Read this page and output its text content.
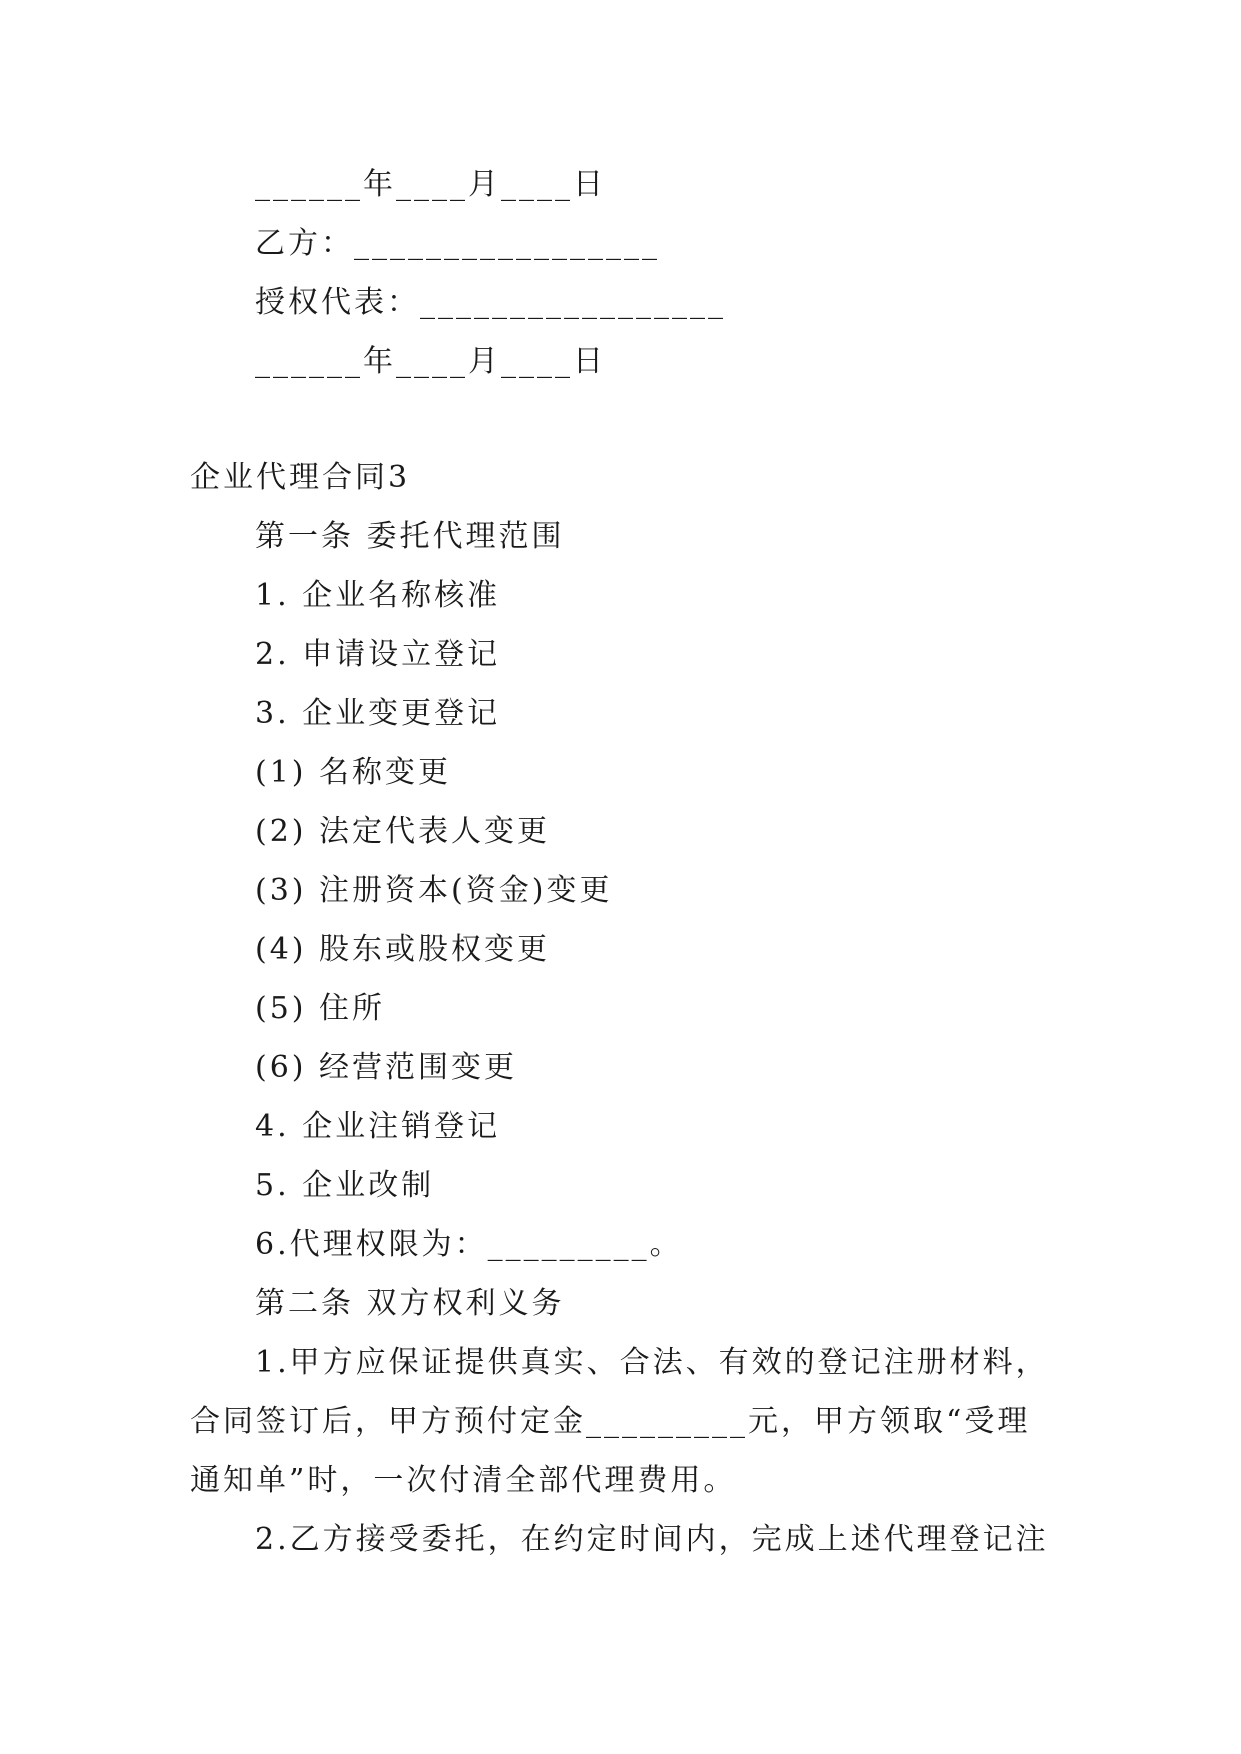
______年____月____日
乙方：_________________
授权代表：_________________
______年____月____日
企业代理合同3
第一条 委托代理范围
1. 企业名称核准
2. 申请设立登记
3. 企业变更登记
(1) 名称变更
(2) 法定代表人变更
(3) 注册资本(资金)变更
(4) 股东或股权变更
(5) 住所
(6) 经营范围变更
4. 企业注销登记
5. 企业改制
6.代理权限为：_________。
第二条 双方权利义务
1.甲方应保证提供真实、合法、有效的登记注册材料，
合同签订后，甲方预付定金_________元，甲方领取“受理
通知单”时，一次付清全部代理费用。
2.乙方接受委托，在约定时间内，完成上述代理登记注
